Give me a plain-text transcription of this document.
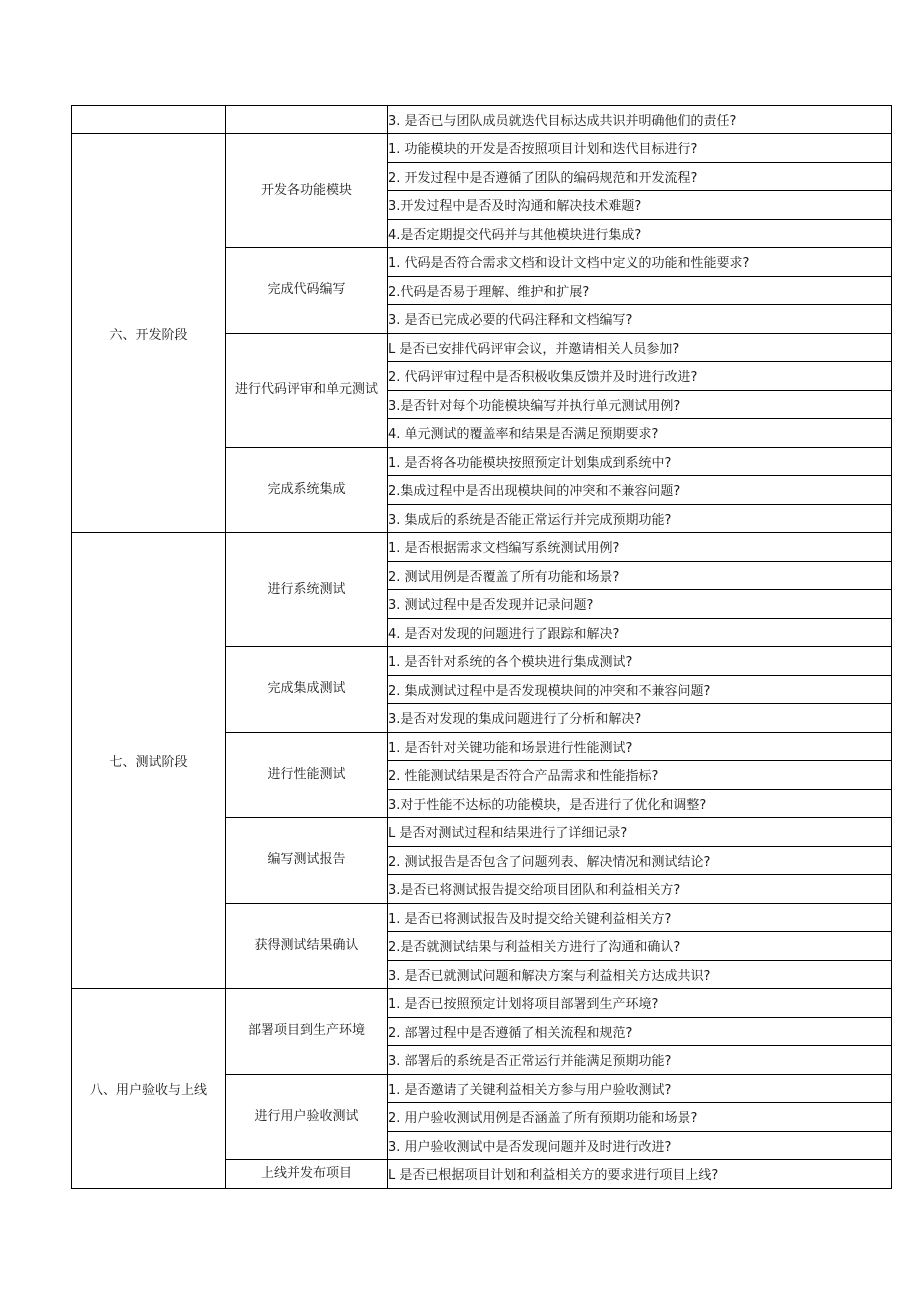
		3. 是否已与团队成员就迭代目标达成共识并明确他们的责任?
六、开发阶段	开发各功能模块	1. 功能模块的开发是否按照项目计划和迭代目标进行?
		2. 开发过程中是否遵循了团队的编码规范和开发流程?
		3.开发过程中是否及时沟通和解决技术难题?
		4.是否定期提交代码并与其他模块进行集成?
	完成代码编写	1. 代码是否符合需求文档和设计文档中定义的功能和性能要求?
		2.代码是否易于理解、维护和扩展?
		3. 是否已完成必要的代码注释和文档编写?
	进行代码评审和单元测试	L 是否已安排代码评审会议，并邀请相关人员参加?
		2. 代码评审过程中是否积极收集反馈并及时进行改进?
		3.是否针对每个功能模块编写并执行单元测试用例?
		4. 单元测试的覆盖率和结果是否满足预期要求?
	完成系统集成	1. 是否将各功能模块按照预定计划集成到系统中?
		2.集成过程中是否出现模块间的冲突和不兼容问题?
		3. 集成后的系统是否能正常运行并完成预期功能?
七、测试阶段	进行系统测试	1. 是否根据需求文档编写系统测试用例?
		2. 测试用例是否覆盖了所有功能和场景?
		3. 测试过程中是否发现并记录问题?
		4. 是否对发现的问题进行了跟踪和解决?
	完成集成测试	1. 是否针对系统的各个模块进行集成测试?
		2. 集成测试过程中是否发现模块间的冲突和不兼容问题?
		3.是否对发现的集成问题进行了分析和解决?
	进行性能测试	1. 是否针对关键功能和场景进行性能测试?
		2. 性能测试结果是否符合产品需求和性能指标?
		3.对于性能不达标的功能模块，是否进行了优化和调整?
	编写测试报告	L 是否对测试过程和结果进行了详细记录?
		2. 测试报告是否包含了问题列表、解决情况和测试结论?
		3.是否已将测试报告提交给项目团队和利益相关方?
	获得测试结果确认	1. 是否已将测试报告及时提交给关键利益相关方?
		2.是否就测试结果与利益相关方进行了沟通和确认?
		3. 是否已就测试问题和解决方案与利益相关方达成共识?
八、用户验收与上线	部署项目到生产环境	1. 是否已按照预定计划将项目部署到生产环境?
		2. 部署过程中是否遵循了相关流程和规范?
		3. 部署后的系统是否正常运行并能满足预期功能?
	进行用户验收测试	1. 是否邀请了关键利益相关方参与用户验收测试?
		2. 用户验收测试用例是否涵盖了所有预期功能和场景?
		3. 用户验收测试中是否发现问题并及时进行改进?
	上线并发布项目	L 是否已根据项目计划和利益相关方的要求进行项目上线?
